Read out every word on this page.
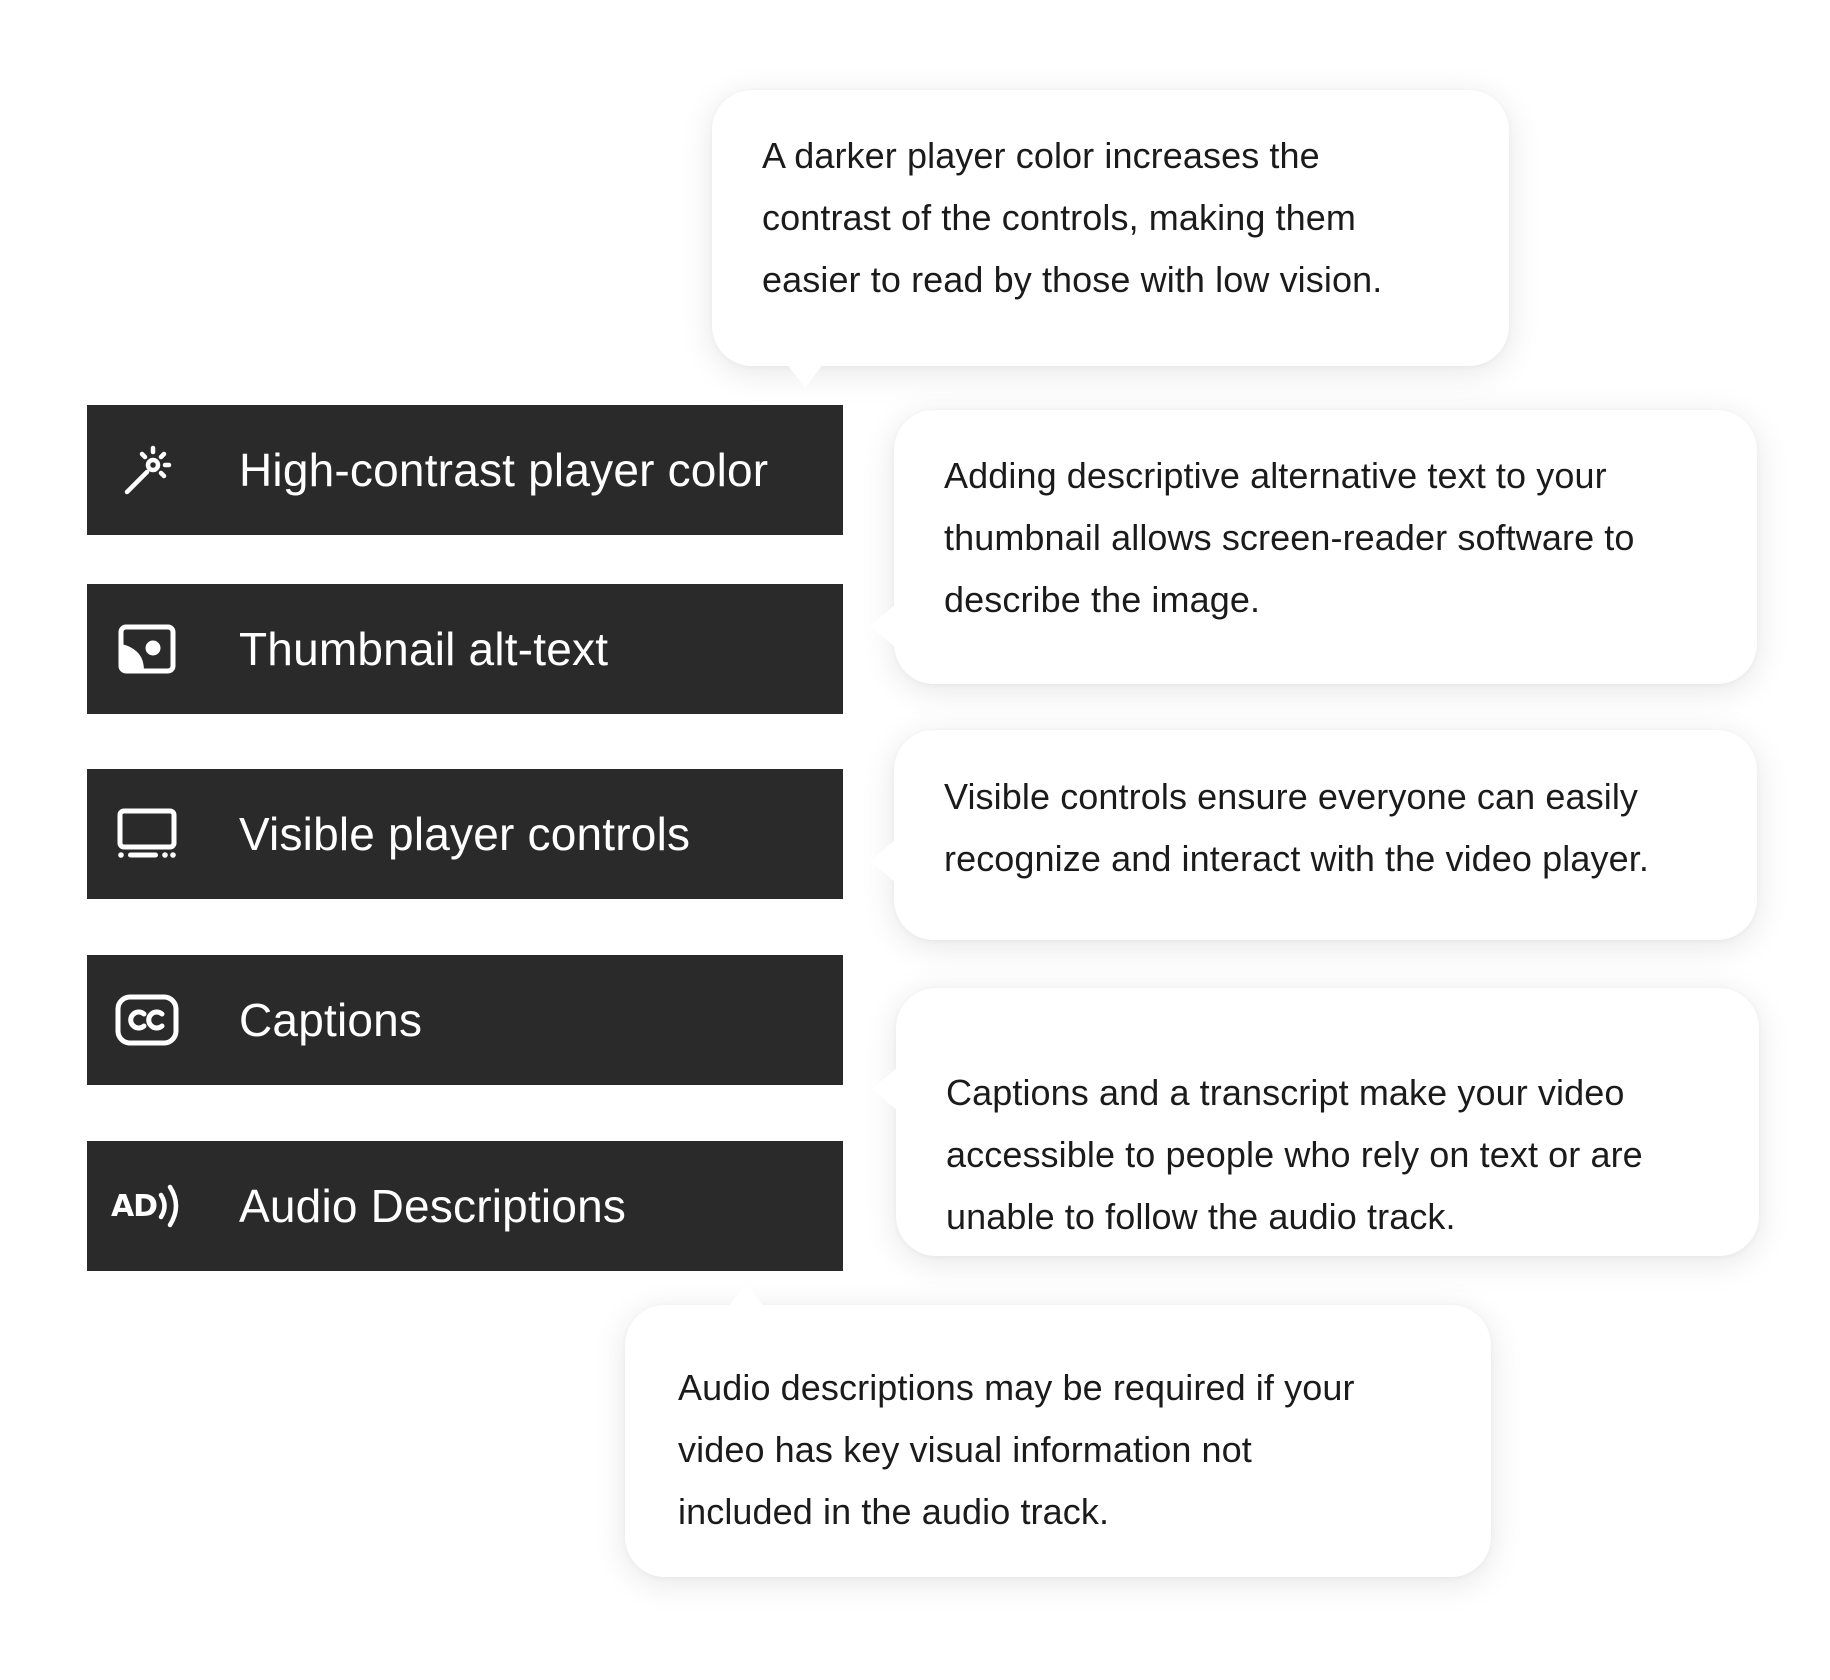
High-contrast player color
Thumbnail alt-text
Visible player controls
Captions
AD Audio Descriptions
A darker player color increases the
contrast of the controls, making them
easier to read by those with low vision.
Adding descriptive alternative text to your
thumbnail allows screen-reader software to
describe the image.
Visible controls ensure everyone can easily
recognize and interact with the video player.
Captions and a transcript make your video
accessible to people who rely on text or are
unable to follow the audio track.
Audio descriptions may be required if your
video has key visual information not
included in the audio track.
